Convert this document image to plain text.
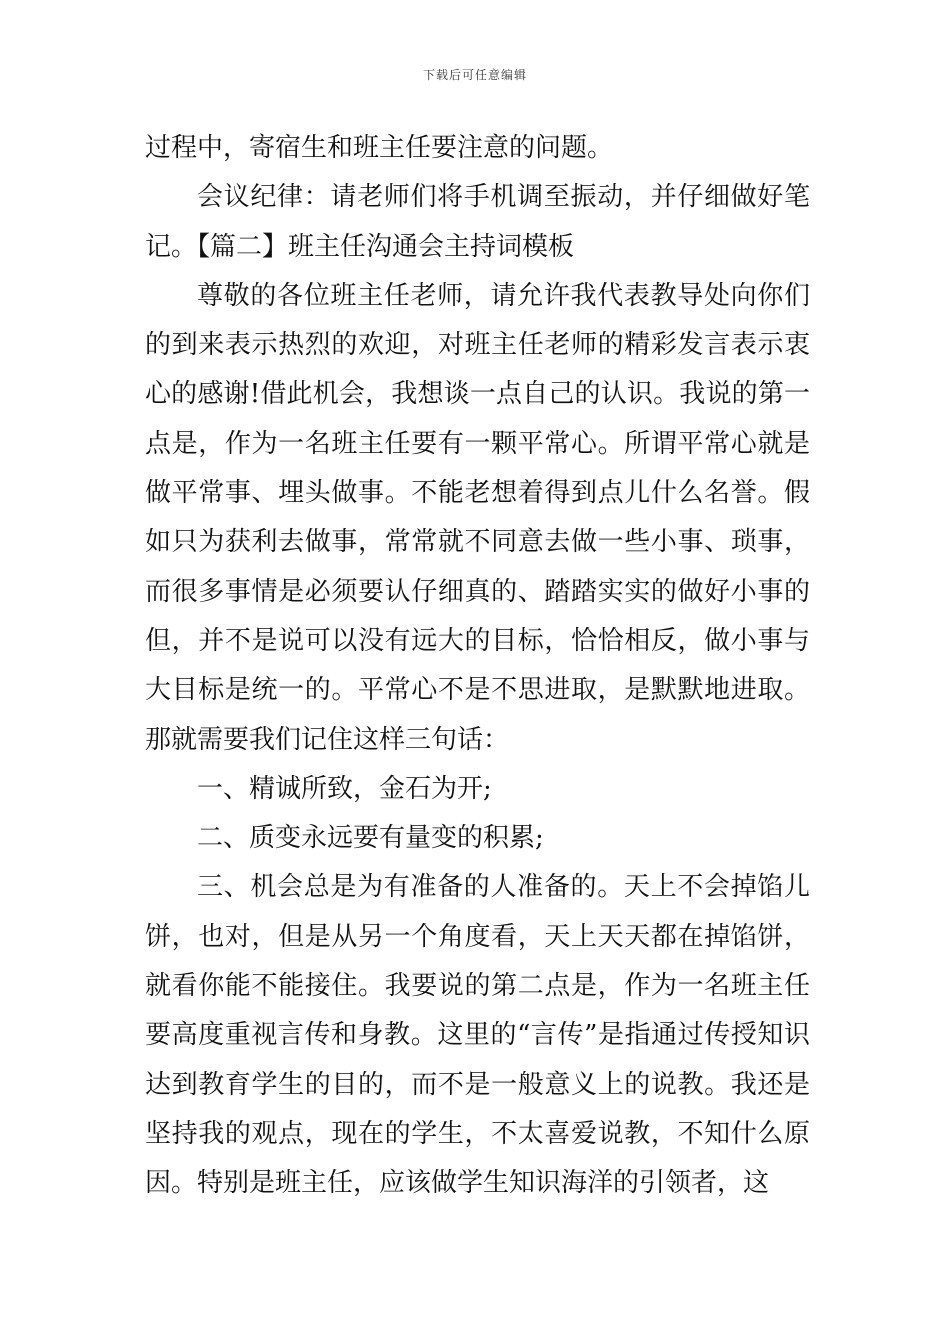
下载后可任意编辑

过程中，寄宿生和班主任要注意的问题。

会议纪律：请老师们将手机调至振动，并仔细做好笔记。【篇二】班主任沟通会主持词模板

尊敬的各位班主任老师，请允许我代表教导处向你们的到来表示热烈的欢迎，对班主任老师的精彩发言表示衷心的感谢!借此机会，我想谈一点自己的认识。我说的第一点是，作为一名班主任要有一颗平常心。所谓平常心就是做平常事、埋头做事。不能老想着得到点儿什么名誉。假如只为获利去做事，常常就不同意去做一些小事、琐事，而很多事情是必须要认仔细真的、踏踏实实的做好小事的但，并不是说可以没有远大的目标，恰恰相反，做小事与大目标是统一的。平常心不是不思进取，是默默地进取。那就需要我们记住这样三句话：

一、精诚所致，金石为开;

二、质变永远要有量变的积累;

三、机会总是为有准备的人准备的。天上不会掉馅儿饼，也对，但是从另一个角度看，天上天天都在掉馅饼，就看你能不能接住。我要说的第二点是，作为一名班主任要高度重视言传和身教。这里的“言传”是指通过传授知识达到教育学生的目的，而不是一般意义上的说教。我还是坚持我的观点，现在的学生，不太喜爱说教，不知什么原因。特别是班主任，应该做学生知识海洋的引领者，这
